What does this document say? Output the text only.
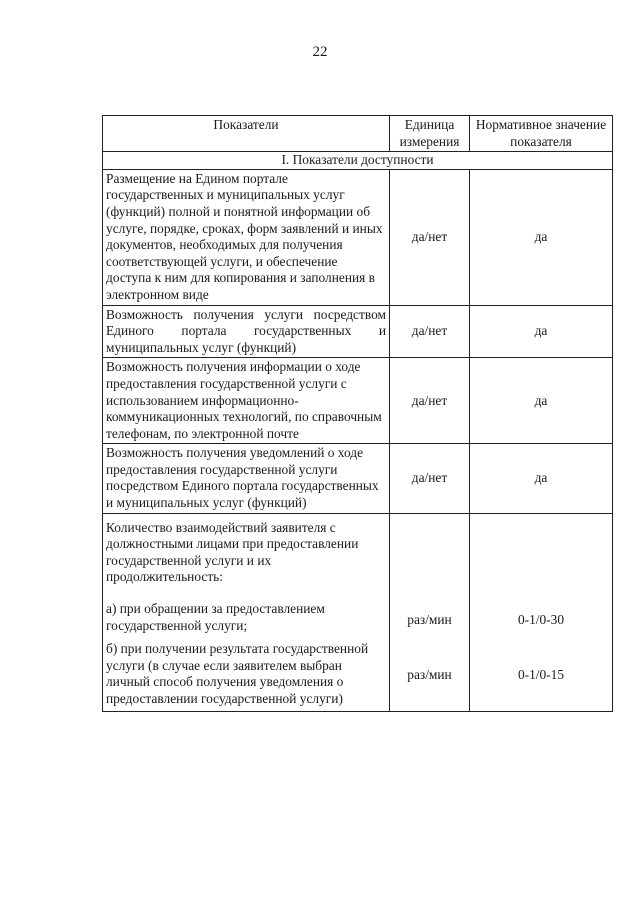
22
Показатели	Единица измерения	Нормативное значение показателя
I. Показатели доступности		
Размещение на Едином портале государственных и муниципальных услуг (функций) полной и понятной информации об услуге, порядке, сроках, форм заявлений и иных документов, необходимых для получения соответствующей услуги, и обеспечение доступа к ним для копирования и заполнения в электронном виде	да/нет	да
Возможность получения услуги посредством Единого портала государственных и муниципальных услуг (функций)	да/нет	да
Возможность получения информации о ходе предоставления государственной услуги с использованием информационно-коммуникационных технологий, по справочным телефонам, по электронной почте	да/нет	да
Возможность получения уведомлений о ходе предоставления государственной услуги посредством Единого портала государственных и муниципальных услуг (функций)	да/нет	да
Количество взаимодействий заявителя с должностными лицами при предоставлении государственной услуги и их продолжительность:		
а) при обращении за предоставлением государственной услуги;	раз/мин	0-1/0-30
б) при получении результата государственной услуги (в случае если заявителем выбран личный способ получения уведомления о предоставлении государственной услуги)	раз/мин	0-1/0-15
